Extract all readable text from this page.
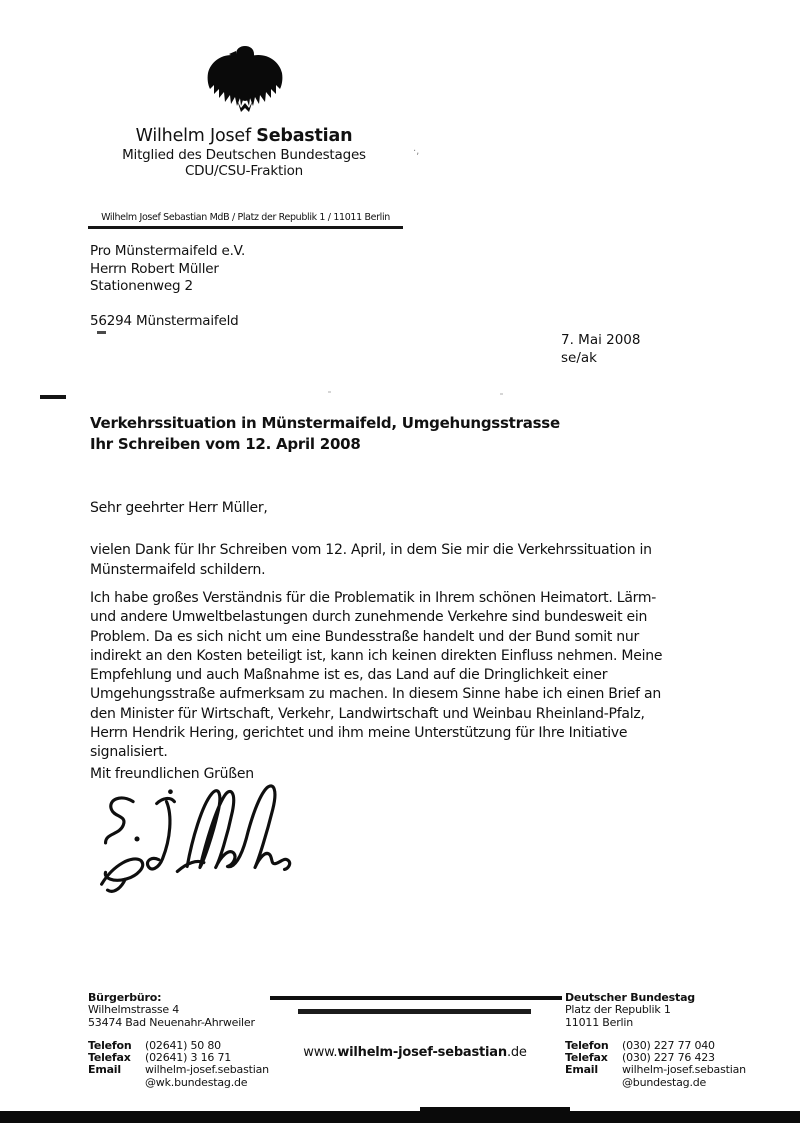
Wilhelm Josef Sebastian
Mitglied des Deutschen Bundestages
CDU/CSU-Fraktion
·,
Wilhelm Josef Sebastian MdB / Platz der Republik 1 / 11011 Berlin
Pro Münstermaifeld e.V.
Herrn Robert Müller
Stationenweg 2
56294 Münstermaifeld
7. Mai 2008
se/ak
Verkehrssituation in Münstermaifeld, Umgehungsstrasse
Ihr Schreiben vom 12. April 2008
Sehr geehrter Herr Müller,
vielen Dank für Ihr Schreiben vom 12. April, in dem Sie mir die Verkehrssituation in
Münstermaifeld schildern.
Ich habe großes Verständnis für die Problematik in Ihrem schönen Heimatort. Lärm-
und andere Umweltbelastungen durch zunehmende Verkehre sind bundesweit ein
Problem. Da es sich nicht um eine Bundesstraße handelt und der Bund somit nur
indirekt an den Kosten beteiligt ist, kann ich keinen direkten Einfluss nehmen. Meine
Empfehlung und auch Maßnahme ist es, das Land auf die Dringlichkeit einer
Umgehungsstraße aufmerksam zu machen. In diesem Sinne habe ich einen Brief an
den Minister für Wirtschaft, Verkehr, Landwirtschaft und Weinbau Rheinland-Pfalz,
Herrn Hendrik Hering, gerichtet und ihm meine Unterstützung für Ihre Initiative
signalisiert.
Mit freundlichen Grüßen
Bürgerbüro:
Wilhelmstrasse 4
53474 Bad Neuenahr-Ahrweiler
Telefon	(02641) 50 80
Telefax	(02641) 3 16 71
Email	wilhelm-josef.sebastian
@wk.bundestag.de
www.wilhelm-josef-sebastian.de
Deutscher Bundestag
Platz der Republik 1
11011 Berlin
Telefon	(030) 227 77 040
Telefax	(030) 227 76 423
Email	wilhelm-josef.sebastian
@bundestag.de
